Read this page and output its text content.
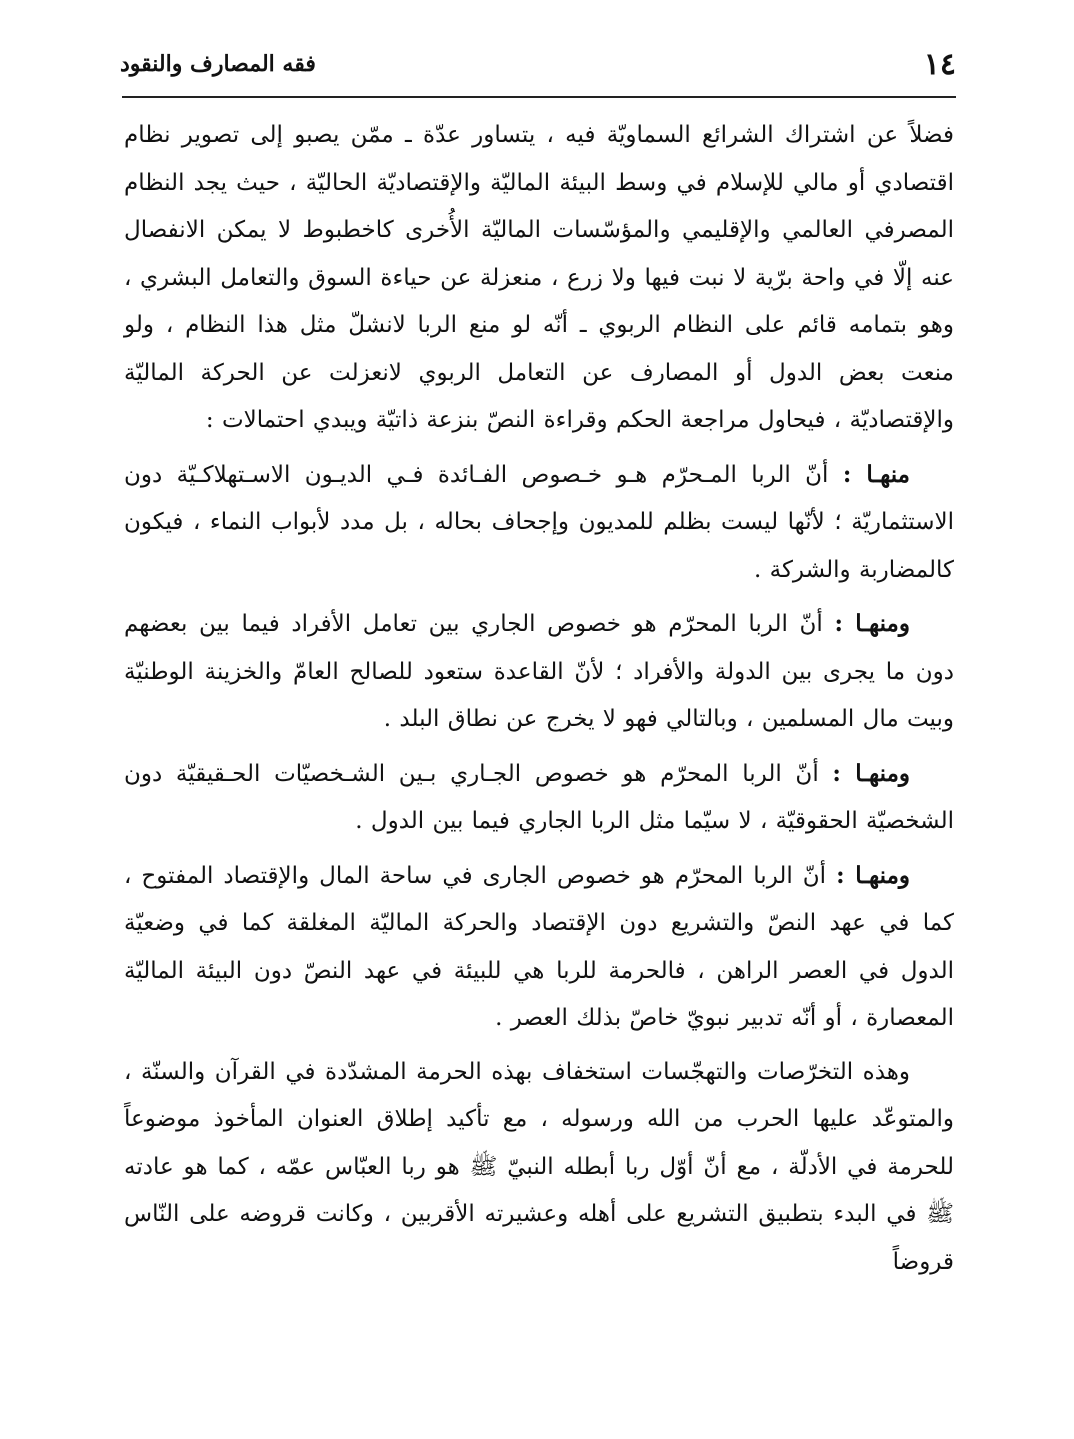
١٤
فقه المصارف والنقود

فضلاً عن اشتراك الشرائع السماويّة فيه ، يتساور عدّة ـ ممّن يصبو إلى تصوير نظام اقتصادي أو مالي للإسلام في وسط البيئة الماليّة والإقتصاديّة الحاليّة ، حيث يجد النظام المصرفي العالمي والإقليمي والمؤسّسات الماليّة الأُخرى كاخطبوط لا يمكن الانفصال عنه إلّا في واحة برّية لا نبت فيها ولا زرع ، منعزلة عن حياءة السوق والتعامل البشري ، وهو بتمامه قائم على النظام الربوي ـ أنّه لو منع الربا لانشلّ مثل هذا النظام ، ولو منعت بعض الدول أو المصارف عن التعامل الربوي لانعزلت عن الحركة الماليّة والإقتصاديّة ، فيحاول مراجعة الحكم وقراءة النصّ بنزعة ذاتيّة ويبدي احتمالات :

منهـا : أنّ الربا المـحرّم هـو خـصوص الفـائدة فـي الديـون الاسـتهلاكـيّة دون الاستثماريّة ؛ لأنّها ليست بظلم للمديون وإجحاف بحاله ، بل مدد لأبواب النماء ، فيكون كالمضاربة والشركة .

ومنهـا : أنّ الربا المحرّم هو خصوص الجاري بين تعامل الأفراد فيما بين بعضهم دون ما يجرى بين الدولة والأفراد ؛ لأنّ القاعدة ستعود للصالح العامّ والخزينة الوطنيّة وبيت مال المسلمين ، وبالتالي فهو لا يخرج عن نطاق البلد .

ومنهـا : أنّ الربا المحرّم هو خصوص الجـاري بـين الشـخصيّات الحـقيقيّة دون الشخصيّة الحقوقيّة ، لا سيّما مثل الربا الجاري فيما بين الدول .

ومنهـا : أنّ الربا المحرّم هو خصوص الجارى في ساحة المال والإقتصاد المفتوح ، كما في عهد النصّ والتشريع دون الإقتصاد والحركة الماليّة المغلقة كما في وضعيّة الدول في العصر الراهن ، فالحرمة للربا هي للبيئة في عهد النصّ دون البيئة الماليّة المعصارة ، أو أنّه تدبير نبويّ خاصّ بذلك العصر .

وهذه التخرّصات والتهجّسات استخفاف بهذه الحرمة المشدّدة في القرآن والسنّة ، والمتوعّد عليها الحرب من الله ورسوله ، مع تأكيد إطلاق العنوان المأخوذ موضوعاً للحرمة في الأدلّة ، مع أنّ أوّل ربا أبطله النبيّ ﷺ هو ربا العبّاس عمّه ، كما هو عادته ﷺ في البدء بتطبيق التشريع على أهله وعشيرته الأقربين ، وكانت قروضه على النّاس قروضاً
